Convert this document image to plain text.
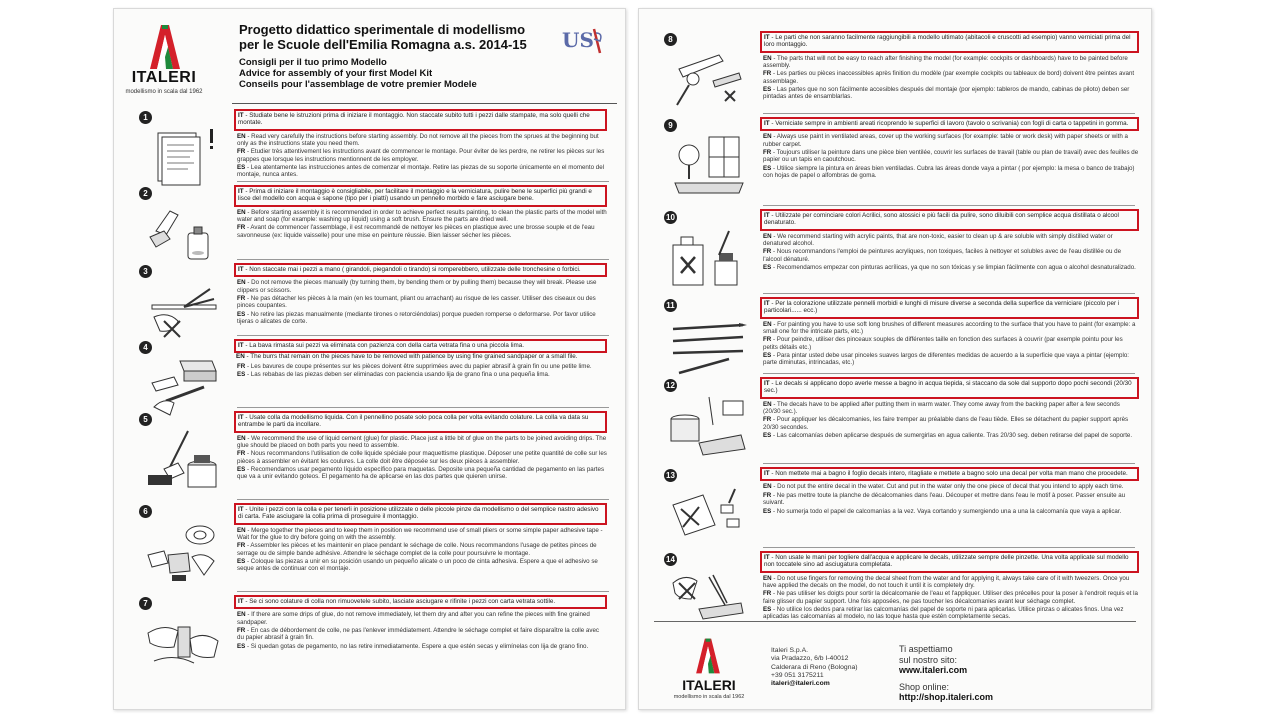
ITALERI
modellismo in scala dal 1962
Progetto didattico sperimentale di modellismo
per le Scuole dell'Emilia Romagna a.s. 2014-15
Consigli per il tuo primo Modello
Advice for assembly of your first Model Kit
Conseils pour l'assemblage de votre premier Modele
US
1	IT - Studiate bene le istruzioni prima di iniziare il montaggio. Non staccate subito tutti i pezzi dalle stampate, ma solo quelli che montate.

EN - Read very carefully the instructions before starting assembly. Do not remove all the pieces from the sprues at the beginning but only as the instructions state you need them.

FR - Etudier très attentivement les instructions avant de commencer le montage. Pour éviter de les perdre, ne retirer les pièces sur les grappes que lorsque les instructions mentionnent de les employer.

ES - Lea atentamente las instrucciones antes de comenzar el montaje. Retire las piezas de su soporte únicamente en el momento del montaje, nunca antes.

2	IT - Prima di iniziare il montaggio è consigliabile, per facilitare il montaggio e la verniciatura, pulire bene le superfici più grandi e lisce del modello con acqua e sapone (tipo per i piatti) usando un pennello morbido e fare asciugare bene.

EN - Before starting assembly it is recommended in order to achieve perfect results painting, to clean the plastic parts of the model with water and soap (for example: washing up liquid) using a soft brush. Ensure the parts are dried well.

FR - Avant de commencer l'assemblage, il est recommandé de nettoyer les pièces en plastique avec une brosse souple et de l'eau savonneuse (ex: liquide vaisselle) pour une mise en peinture réussie. Bien laisser sécher les pièces.

3	IT - Non staccate mai i pezzi a mano ( girandoli, piegandoli o tirando) si romperebbero, utilizzate delle tronchesine o forbici.

EN - Do not remove the pieces manually (by turning them, by bending them or by pulling them) because they will break. Please use clippers or scissors.

FR - Ne pas détacher les pièces à la main (en les tournant, pliant ou arrachant) au risque de les casser. Utiliser des ciseaux ou des pinces coupantes.

ES - No retire las piezas manualmente (mediante tirones o retorciéndolas) porque pueden romperse o deformarse. Por favor utilice tijeras o alicates de corte.

4	IT - La bava rimasta sui pezzi va eliminata con pazienza con della carta vetrata fina o una piccola lima.
EN - The burrs that remain on the pieces have to be removed with patience by using fine grained sandpaper or a small file.

FR - Les bavures de coupe présentes sur les pièces doivent être supprimées avec du papier abrasif à grain fin ou une petite lime.

ES - Las rebabas de las piezas deben ser eliminadas con paciencia usando lija de grano fina o una pequeña lima.

5	IT - Usate colla da modellismo liquida. Con il pennellino posate solo poca colla per volta evitando colature. La colla va data su entrambe le parti da incollare.

EN - We recommend the use of liquid cement (glue) for plastic. Place just a little bit of glue on the parts to be joined avoiding drips. The glue should be placed on both parts you need to assemble.

FR - Nous recommandons l'utilisation de colle liquide spéciale pour maquettisme plastique. Déposer une petite quantité de colle sur les pièces à assembler en évitant les coulures. La colle doit être déposée sur les deux pièces à assembler.

ES - Recomendamos usar pegamento líquido específico para maquetas. Deposite una pequeña cantidad de pegamento en las partes que va a unir evitando goteos. El pegamento ha de aplicarse en las dos partes que quieren unirse.

6	IT - Unite i pezzi con la colla e per tenerli in posizione utilizzate o delle piccole pinze da modellismo o del semplice nastro adesivo di carta. Fate asciugare la colla prima di proseguire il montaggio.

EN - Merge together the pieces and to keep them in position we recommend use of small pliers or some simple paper adhesive tape - Wait for the glue to dry before going on with the assembly.

FR - Assembler les pièces et les maintenir en place pendant le séchage de colle. Nous recommandons l'usage de petites pinces de serrage ou de simple bande adhésive. Attendre le séchage complet de la colle pour poursuivre le montage.

ES - Coloque las piezas a unir en su posición usando un pequeño alicate o un poco de cinta adhesiva. Espere a que el adhesivo se seque antes de continuar con el montaje.

7	IT - Se ci sono colature di colla non rimuovetele subito, lasciate asciugare e rifinite i pezzi con carta vetrata sottile.

EN - If there are some drips of glue, do not remove immediately, let them dry and after you can refine the pieces with fine grained sandpaper.

FR - En cas de débordement de colle, ne pas l'enlever immédiatement. Attendre le séchage complet et faire disparaître la colle avec du papier abrasif à grain fin.

ES - Si quedan gotas de pegamento, no las retire inmediatamente. Espere a que estén secas y elimínelas con lija de grano fino.

8	IT - Le parti che non saranno facilmente raggiungibili a modello ultimato (abitacoli e cruscotti ad esempio) vanno verniciati prima del loro montaggio.

EN - The parts that will not be easy to reach after finishing the model (for example: cockpits or dashboards) have to be painted before assembly.

FR - Les parties ou pièces inaccessibles après finition du modèle (par exemple cockpits ou tableaux de bord) doivent être peintes avant assemblage.

ES - Las partes que no son fácilmente accesibles después del montaje (por ejemplo: tableros de mando, cabinas de piloto) deben ser pintadas antes de ensamblarlas.

9	IT - Verniciate sempre in ambienti areati ricoprendo le superfici di lavoro (tavolo o scrivania) con fogli di carta o tappetini in gomma.

EN - Always use paint in ventilated areas, cover up the working surfaces (for example: table or work desk) with paper sheets or with a rubber carpet.

FR - Toujours utiliser la peinture dans une pièce bien ventilée, couvrir les surfaces de travail (table ou plan de travail) avec des feuilles de papier ou un tapis en caoutchouc.

ES - Utilice siempre la pintura en áreas bien ventiladas. Cubra las áreas donde vaya a pintar ( por ejemplo: la mesa o banco de trabajo) con hojas de papel o alfombras de goma.

10	IT - Utilizzate per cominciare colori Acrilici, sono atossici e più facili da pulire, sono diluibili con semplice acqua distillata o alcool denaturato.

EN - We recommend starting with acrylic paints, that are non-toxic, easier to clean up & are soluble with simply distilled water or denatured alcohol.

FR - Nous recommandons l'emploi de peintures acryliques, non toxiques, faciles à nettoyer et solubles avec de l'eau distillée ou de l'alcool dénaturé.

ES - Recomendamos empezar con pinturas acrílicas, ya que no son tóxicas y se limpian fácilmente con agua o alcohol desnaturalizado.

11	IT - Per la colorazione utilizzate pennelli morbidi e lunghi di misure diverse a seconda della superfice da verniciare (piccolo per i particolari...... ecc.)

EN - For painting you have to use soft long brushes of different measures according to the surface that you have to paint (for example: a small one for the intricate parts, etc.)

FR - Pour peindre, utiliser des pinceaux souples de différentes taille en fonction des surfaces à couvrir (par exemple pointu pour les petits détails etc.)

ES - Para pintar usted debe usar pinceles suaves largos de diferentes medidas de acuerdo a la superficie que vaya a pintar (ejemplo: parte diminutas, intrincadas, etc.)

12	IT - Le decals si applicano dopo averle messe a bagno in acqua tiepida, si staccano da sole dal supporto dopo pochi secondi (20/30 sec.)

EN - The decals have to be applied after putting them in warm water. They come away from the backing paper after a few seconds (20/30 sec.).

FR - Pour appliquer les décalcomanies, les faire tremper au préalable dans de l'eau tiède. Elles se détachent du papier support après 20/30 secondes.

ES - Las calcomanías deben aplicarse después de sumergirlas en agua caliente. Tras 20/30 seg. deben retirarse del papel de soporte.

13	IT - Non mettete mai a bagno il foglio decals intero, ritagliate e mettete a bagno solo una decal per volta man mano che procedete.

EN - Do not put the entire decal in the water. Cut and put in the water only the one piece of decal that you intend to apply each time.

FR - Ne pas mettre toute la planche de décalcomanies dans l'eau. Découper et mettre dans l'eau le motif à poser. Passer ensuite au suivant.

ES - No sumerja todo el papel de calcomanías a la vez. Vaya cortando y sumergiendo una a una la calcomanía que vaya a aplicar.

14	IT - Non usate le mani per togliere dall'acqua e applicare le decals, utilizzate sempre delle pinzette. Una volta applicate sul modello non toccatele sino ad asciugatura completata.

EN - Do not use fingers for removing the decal sheet from the water and for applying it, always take care of it with tweezers. Once you have applied the decals on the model, do not touch it until it is completely dry.

FR - Ne pas utiliser les doigts pour sortir la décalcomanie de l'eau et l'appliquer. Utiliser des précelles pour la poser à l'endroit requis et la faire glisser du papier support. Une fois apposées, ne pas toucher les décalcomanies avant leur séchage complet.

ES - No utilice los dedos para retirar las calcomanías del papel de soporte ni para aplicarlas. Utilice pinzas o alicates finos. Una vez aplicadas las calcomanías al modelo, no las toque hasta que estén completamente secas.

ITALERI
modellismo in scala dal 1962
Italeri S.p.A.
via Pradazzo, 6/b I-40012
Calderara di Reno (Bologna)
+39 051 3175211
italeri@italeri.com
Ti aspettiamo
sul nostro sito:
www.italeri.com
Shop online:
http://shop.italeri.com
